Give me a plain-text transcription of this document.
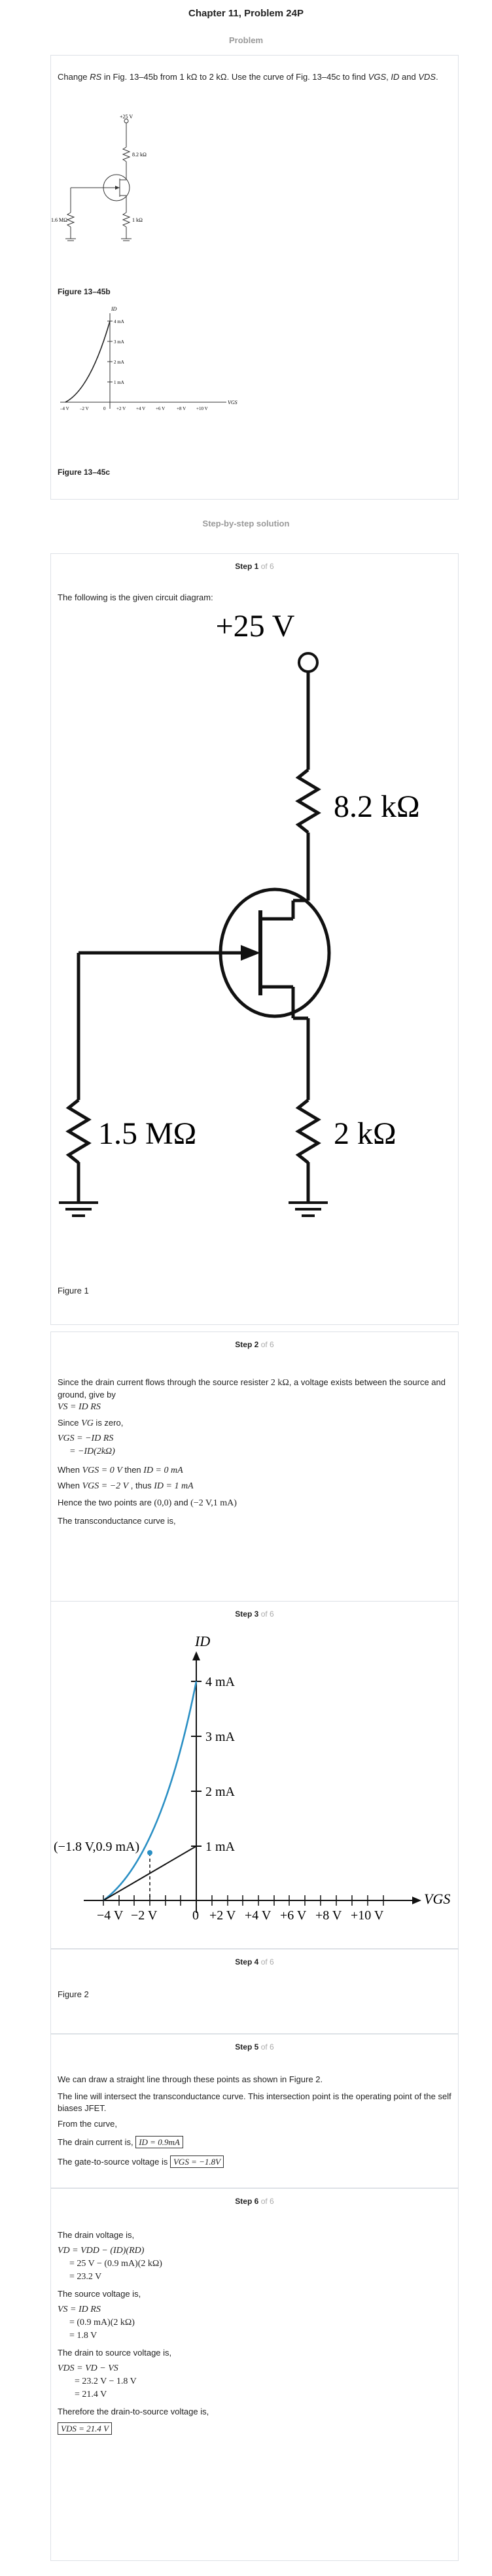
Chapter 11, Problem 24P
Problem
Change RS in Fig. 13–45b from 1 kΩ to 2 kΩ. Use the curve of Fig. 13–45c to find VGS, ID and VDS.
+25 V
8.2 kΩ
1.6 MΩ	1 kΩ
Figure 13–45b
ID
VGS
4 mA
3 mA
2 mA
1 mA
–4 V –2 V	0 +2 V +4 V +6 V	+8 V +10 V
Figure 13–45c
Step-by-step solution
Step 1 of 6
The following is the given circuit diagram:
+25 V
8.2 kΩ
1.5 MΩ	2 kΩ
Figure 1
Step 2 of 6
Since the drain current flows through the source resister 2 kΩ, a voltage exists between the source and ground, give by
VS = ID RS
Since VG is zero,
VGS = −ID RS
= −ID(2kΩ)
When VGS = 0 V then ID = 0 mA
When VGS = −2 V , thus ID = 1 mA
Hence the two points are (0,0) and (−2 V,1 mA)
The transconductance curve is,
Step 3 of 6
ID
VGS
4 mA
3 mA
2 mA
1 mA
−4 V −2 V	0 +2 V +4 V +6 V +8 V +10 V
(−1.8 V,0.9 mA)
Step 4 of 6
Figure 2
Step 5 of 6
We can draw a straight line through these points as shown in Figure 2.
The line will intersect the transconductance curve. This intersection point is the operating point of the self biases JFET.
From the curve,
The drain current is, ID = 0.9mA
The gate-to-source voltage is VGS = −1.8V
Step 6 of 6
The drain voltage is,
VD = VDD − (ID)(RD)
= 25 V − (0.9 mA)(2 kΩ)
= 23.2 V
The source voltage is,
VS = ID RS
= (0.9 mA)(2 kΩ)
= 1.8 V
The drain to source voltage is,
VDS = VD − VS
= 23.2 V − 1.8 V
= 21.4 V
Therefore the drain-to-source voltage is,
VDS = 21.4 V
